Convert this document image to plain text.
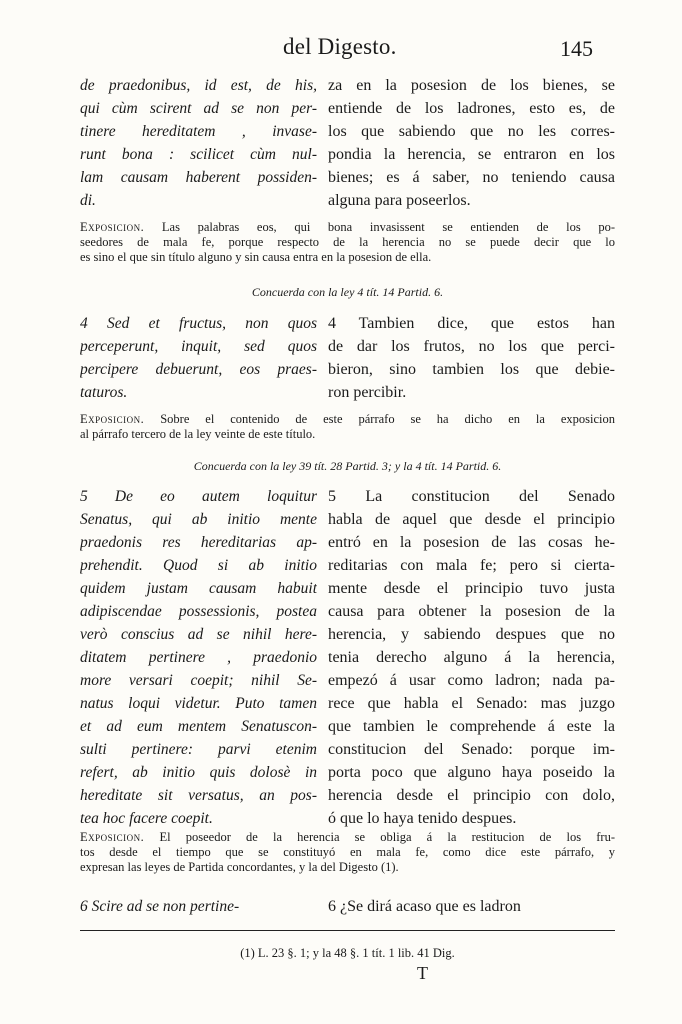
del Digesto.	145
de praedonibus, id est, de his,
qui cùm scirent ad se non per-
tinere hereditatem , invase-
runt bona : scilicet cùm nul-
lam causam haberent possiden-
di.
za en la posesion de los bienes, se
entiende de los ladrones, esto es, de
los que sabiendo que no les corres-
pondia la herencia, se entraron en los
bienes; es á saber, no teniendo causa
alguna para poseerlos.
Exposicion. Las palabras eos, qui bona invasissent se entienden de los po-
seedores de mala fe, porque respecto de la herencia no se puede decir que lo
es sino el que sin título alguno y sin causa entra en la posesion de ella.
Concuerda con la ley 4 tít. 14 Partid. 6.
4 Sed et fructus, non quos
perceperunt, inquit, sed quos
percipere debuerunt, eos praes-
taturos.
4 Tambien dice, que estos han
de dar los frutos, no los que perci-
bieron, sino tambien los que debie-
ron percibir.
Exposicion. Sobre el contenido de este párrafo se ha dicho en la exposicion
al párrafo tercero de la ley veinte de este título.
Concuerda con la ley 39 tít. 28 Partid. 3; y la 4 tít. 14 Partid. 6.
5 De eo autem loquitur
Senatus, qui ab initio mente
praedonis res hereditarias ap-
prehendit. Quod si ab initio
quidem justam causam habuit
adipiscendae possessionis, postea
verò conscius ad se nihil here-
ditatem pertinere , praedonio
more versari coepit; nihil Se-
natus loqui videtur. Puto tamen
et ad eum mentem Senatuscon-
sulti pertinere: parvi etenim
refert, ab initio quis dolosè in
hereditate sit versatus, an pos-
tea hoc facere coepit.
5 La constitucion del Senado
habla de aquel que desde el principio
entró en la posesion de las cosas he-
reditarias con mala fe; pero si cierta-
mente desde el principio tuvo justa
causa para obtener la posesion de la
herencia, y sabiendo despues que no
tenia derecho alguno á la herencia,
empezó á usar como ladron; nada pa-
rece que habla el Senado: mas juzgo
que tambien le comprehende á este la
constitucion del Senado: porque im-
porta poco que alguno haya poseido la
herencia desde el principio con dolo,
ó que lo haya tenido despues.
Exposicion. El poseedor de la herencia se obliga á la restitucion de los fru-
tos desde el tiempo que se constituyó en mala fe, como dice este párrafo, y
expresan las leyes de Partida concordantes, y la del Digesto (1).
6 Scire ad se non pertine-	6 ¿Se dirá acaso que es ladron
(1) L. 23 §. 1; y la 48 §. 1 tít. 1 lib. 41 Dig.
T
